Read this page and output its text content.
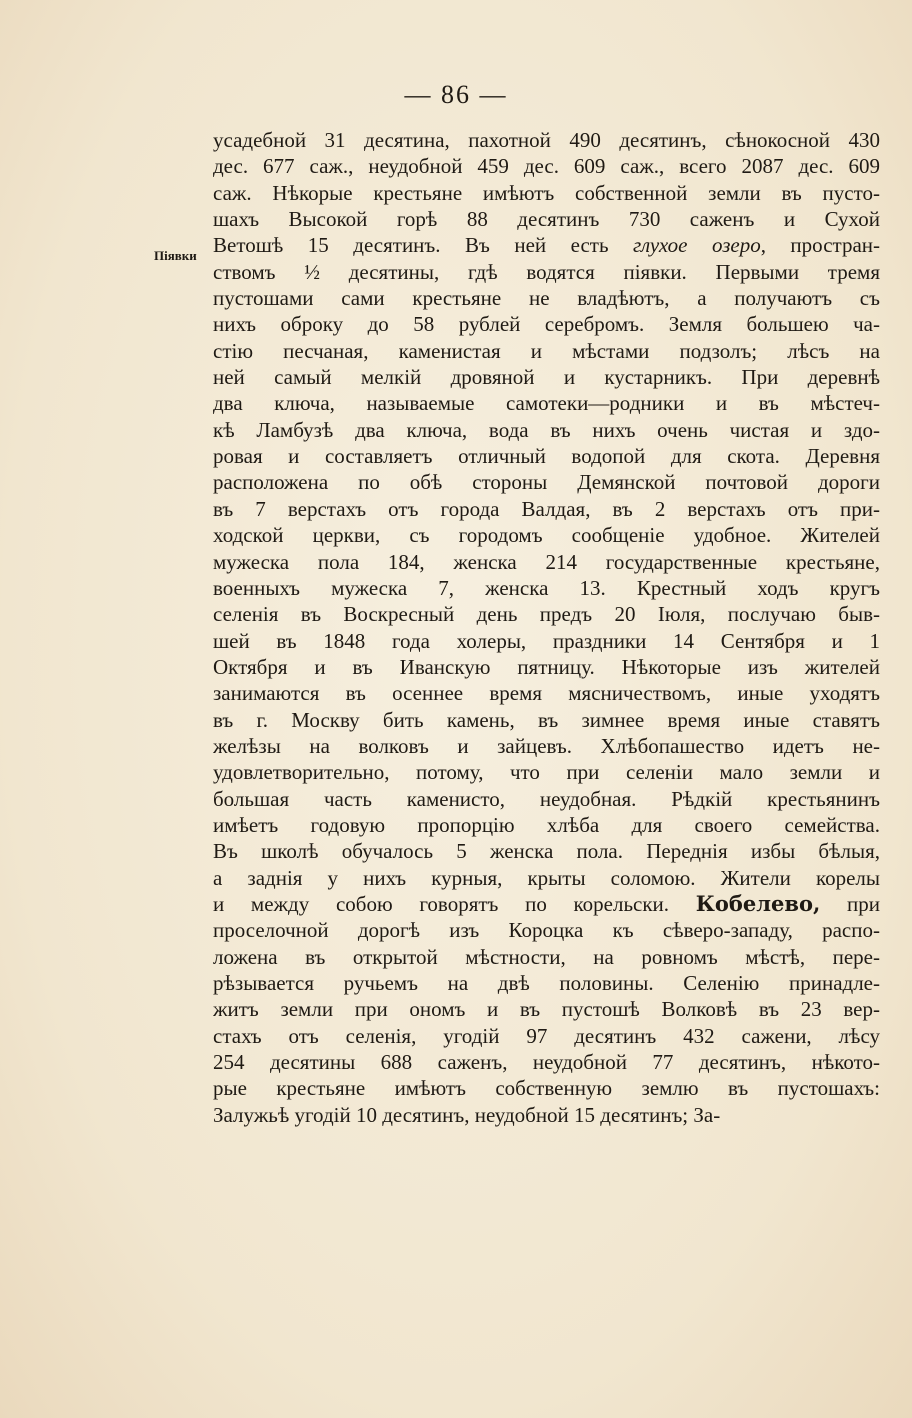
— 86 —
Піявки
усадебной 31 десятина, пахотной 490 десятинъ, сѣнокосной 430
дес. 677 саж., неудобной 459 дес. 609 саж., всего 2087 дес. 609
саж. Нѣкорые крестьяне имѣютъ собственной земли въ пусто-
шахъ Высокой горѣ 88 десятинъ 730 саженъ и Сухой
Ветошѣ 15 десятинъ. Въ ней есть глухое озеро, простран-
ствомъ ½ десятины, гдѣ водятся піявки. Первыми тремя
пустошами сами крестьяне не владѣютъ, а получаютъ съ
нихъ оброку до 58 рублей серебромъ. Земля большею ча-
стію песчаная, каменистая и мѣстами подзолъ; лѣсъ на
ней самый мелкій дровяной и кустарникъ. При деревнѣ
два ключа, называемые самотеки—родники и въ мѣстеч-
кѣ Ламбузѣ два ключа, вода въ нихъ очень чистая и здо-
ровая и составляетъ отличный водопой для скота. Деревня
расположена по обѣ стороны Демянской почтовой дороги
въ 7 верстахъ отъ города Валдая, въ 2 верстахъ отъ при-
ходской церкви, съ городомъ сообщеніе удобное. Жителей
мужеска пола 184, женска 214 государственные крестьяне,
военныхъ мужеска 7, женска 13. Крестный ходъ кругъ
селенія въ Воскресный день предъ 20 Іюля, послучаю быв-
шей въ 1848 года холеры, праздники 14 Сентября и 1
Октября и въ Иванскую пятницу. Нѣкоторые изъ жителей
занимаются въ осеннее время мясничествомъ, иные уходятъ
въ г. Москву бить камень, въ зимнее время иные ставятъ
желѣзы на волковъ и зайцевъ. Хлѣбопашество идетъ не-
удовлетворительно, потому, что при селеніи мало земли и
большая часть каменисто, неудобная. Рѣдкій крестьянинъ
имѣетъ годовую пропорцію хлѣба для своего семейства.
Въ школѣ обучалось 5 женска пола. Переднія избы бѣлыя,
а заднія у нихъ курныя, крыты соломою. Жители корелы
и между собою говорятъ по корельски. Кобелево, при
проселочной дорогѣ изъ Короцка къ сѣверо-западу, распо-
ложена въ открытой мѣстности, на ровномъ мѣстѣ, пере-
рѣзывается ручьемъ на двѣ половины. Селенію принадле-
житъ земли при ономъ и въ пустошѣ Волковѣ въ 23 вер-
стахъ отъ селенія, угодій 97 десятинъ 432 сажени, лѣсу
254 десятины 688 саженъ, неудобной 77 десятинъ, нѣкото-
рые крестьяне имѣютъ собственную землю въ пустошахъ:
Залужьѣ угодій 10 десятинъ, неудобной 15 десятинъ; За-
